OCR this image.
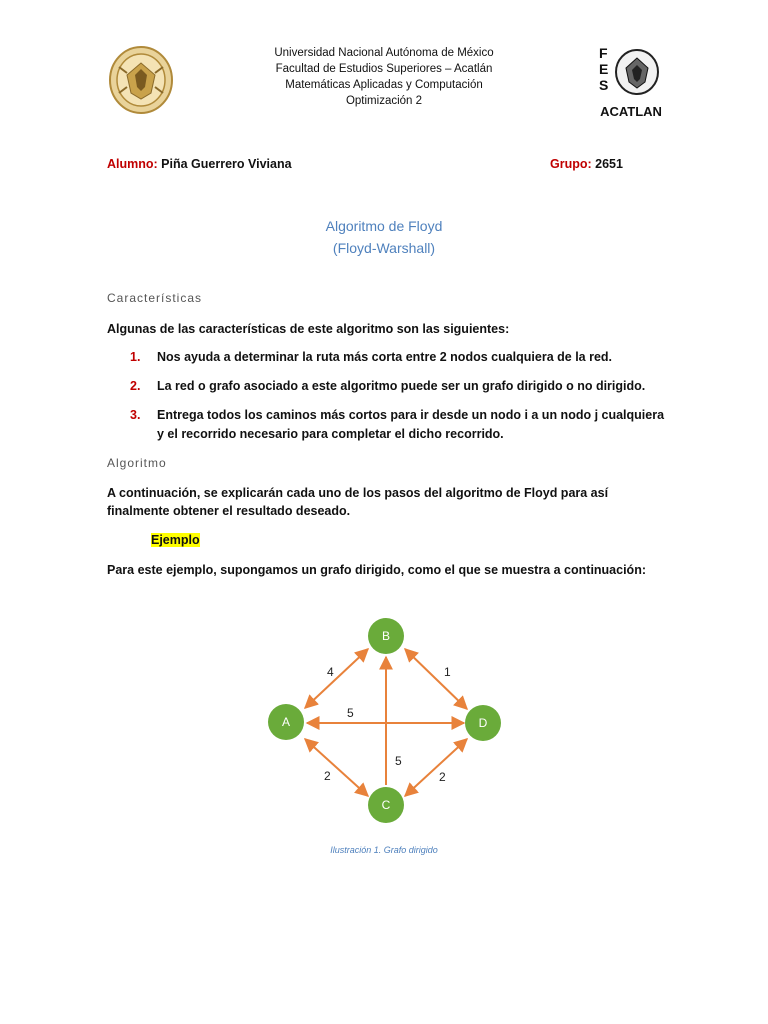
F
E
S
ACATLAN
Universidad Nacional Autónoma de México
Facultad de Estudios Superiores – Acatlán
Matemáticas Aplicadas y Computación
Optimización 2
Alumno: Piña Guerrero Viviana	Grupo: 2651
Algoritmo de Floyd
(Floyd-Warshall)
Características
Algunas de las características de este algoritmo son las siguientes:
1. Nos ayuda a determinar la ruta más corta entre 2 nodos cualquiera de la red.
2. La red o grafo asociado a este algoritmo puede ser un grafo dirigido o no dirigido.
3. Entrega todos los caminos más cortos para ir desde un nodo i a un nodo j cualquiera y el recorrido necesario para completar el dicho recorrido.
Algoritmo
A continuación, se explicarán cada uno de los pasos del algoritmo de Floyd para así finalmente obtener el resultado deseado.
Ejemplo
Para este ejemplo, supongamos un grafo dirigido, como el que se muestra a continuación:
4	1
5
5
2	2
B
A	D
C
Ilustración 1. Grafo dirigido
